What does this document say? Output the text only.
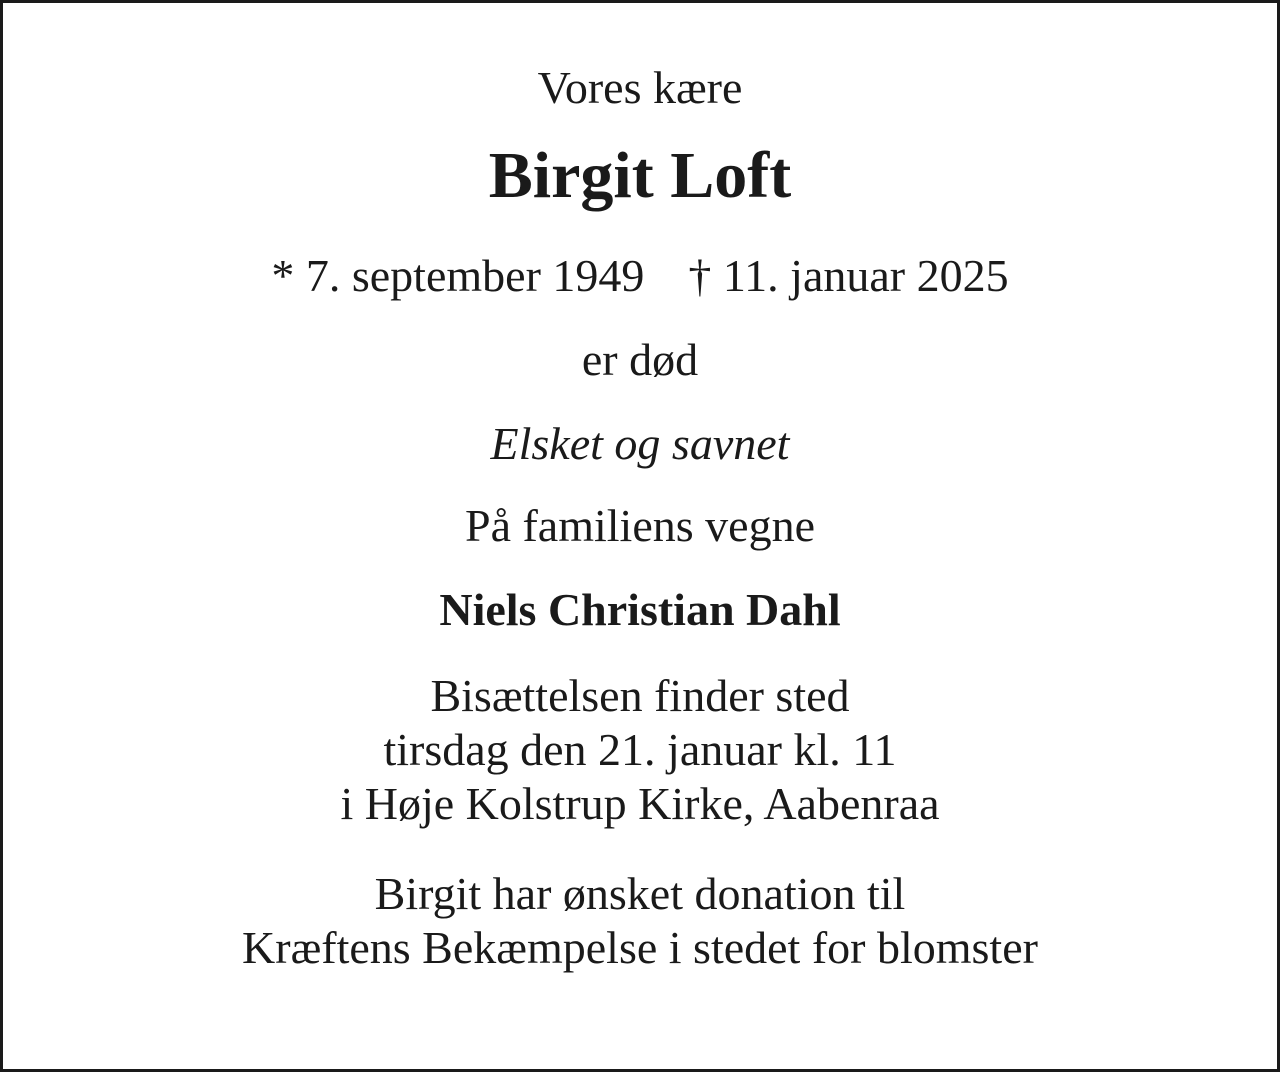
Vores kære
Birgit Loft
* 7. september 1949 † 11. januar 2025
er død
Elsket og savnet
På familiens vegne
Niels Christian Dahl
Bisættelsen finder sted
tirsdag den 21. januar kl. 11
i Høje Kolstrup Kirke, Aabenraa
Birgit har ønsket donation til
Kræftens Bekæmpelse i stedet for blomster
